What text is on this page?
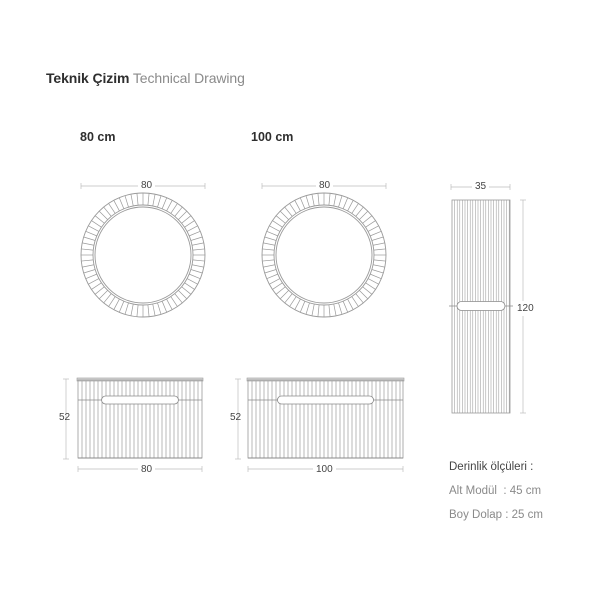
Teknik Çizim Technical Drawing
80 cm	100 cm
80	80
52
80
52
100
35
120
Derinlik ölçüleri :
Alt Modül  : 45 cm
Boy Dolap : 25 cm
